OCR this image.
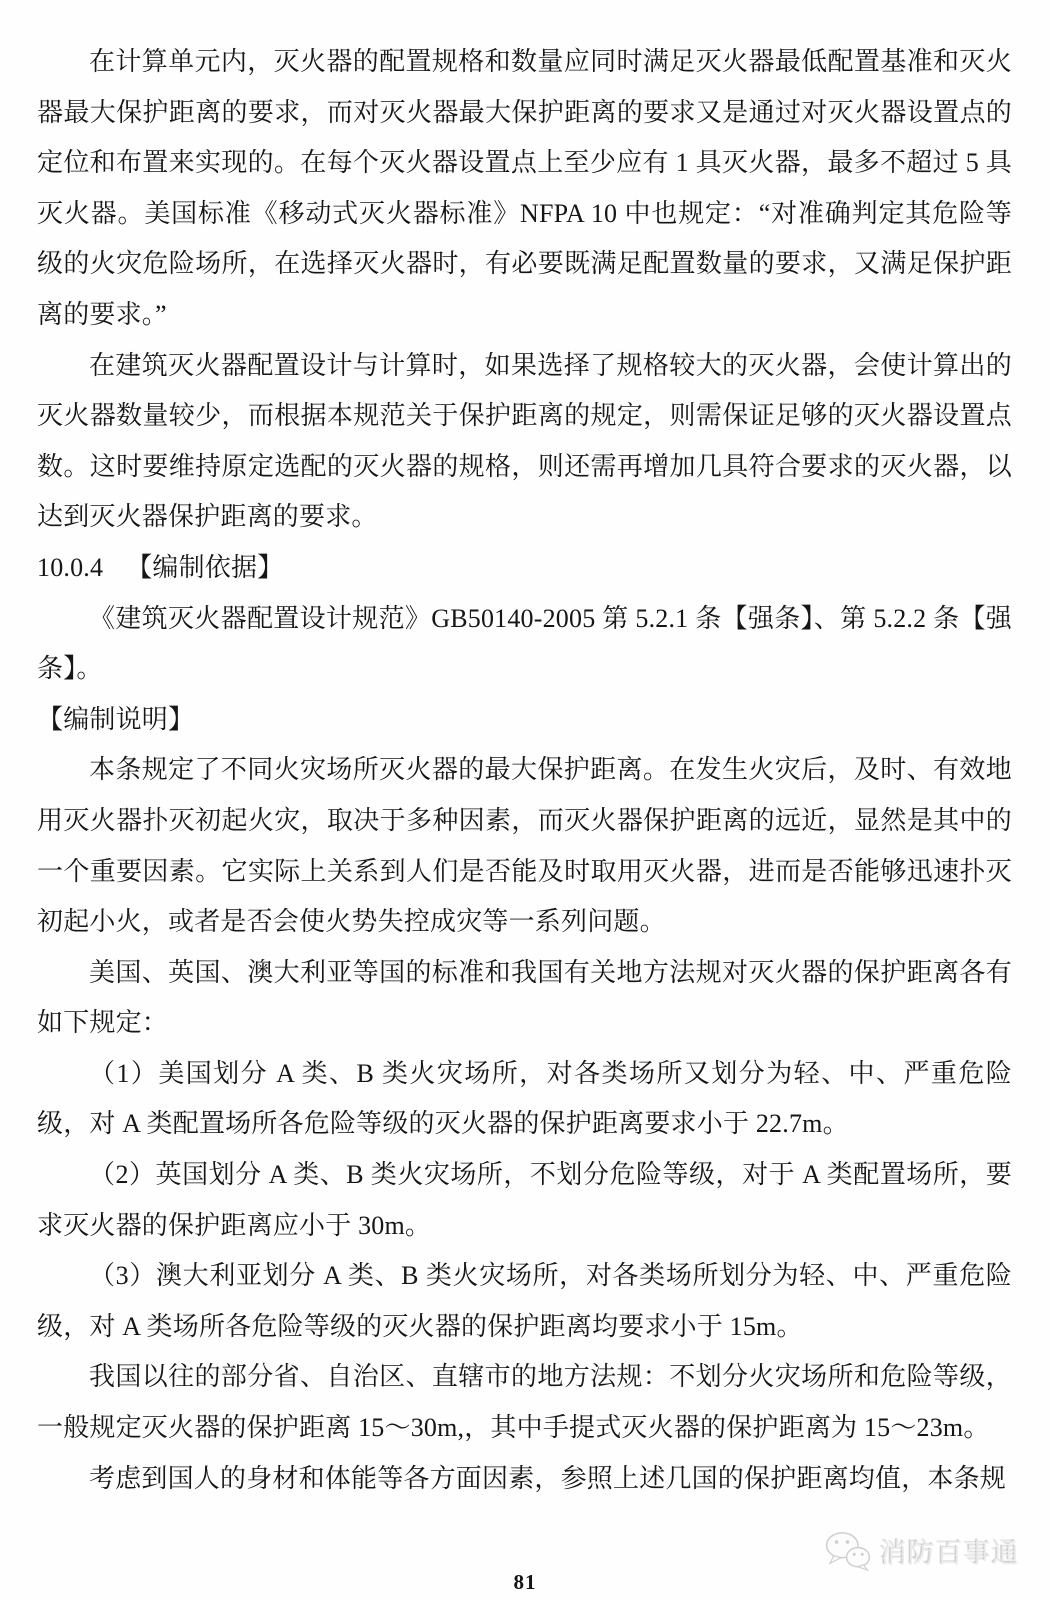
在计算单元内，灭火器的配置规格和数量应同时满足灭火器最低配置基准和灭火器最大保护距离的要求，而对灭火器最大保护距离的要求又是通过对灭火器设置点的定位和布置来实现的。在每个灭火器设置点上至少应有 1 具灭火器，最多不超过 5 具灭火器。美国标准《移动式灭火器标准》NFPA 10 中也规定：“对准确判定其危险等级的火灾危险场所，在选择灭火器时，有必要既满足配置数量的要求，又满足保护距离的要求。”

在建筑灭火器配置设计与计算时，如果选择了规格较大的灭火器，会使计算出的灭火器数量较少，而根据本规范关于保护距离的规定，则需保证足够的灭火器设置点数。这时要维持原定选配的灭火器的规格，则还需再增加几具符合要求的灭火器，以达到灭火器保护距离的要求。

10.0.4 【编制依据】

《建筑灭火器配置设计规范》GB50140-2005 第 5.2.1 条【强条】、第 5.2.2 条【强条】。

【编制说明】

本条规定了不同火灾场所灭火器的最大保护距离。在发生火灾后，及时、有效地用灭火器扑灭初起火灾，取决于多种因素，而灭火器保护距离的远近，显然是其中的一个重要因素。它实际上关系到人们是否能及时取用灭火器，进而是否能够迅速扑灭初起小火，或者是否会使火势失控成灾等一系列问题。

美国、英国、澳大利亚等国的标准和我国有关地方法规对灭火器的保护距离各有如下规定：

（1）美国划分 A 类、B 类火灾场所，对各类场所又划分为轻、中、严重危险级，对 A 类配置场所各危险等级的灭火器的保护距离要求小于 22.7m。

（2）英国划分 A 类、B 类火灾场所，不划分危险等级，对于 A 类配置场所，要求灭火器的保护距离应小于 30m。

（3）澳大利亚划分 A 类、B 类火灾场所，对各类场所划分为轻、中、严重危险级，对 A 类场所各危险等级的灭火器的保护距离均要求小于 15m。

我国以往的部分省、自治区、直辖市的地方法规：不划分火灾场所和危险等级，一般规定灭火器的保护距离 15～30m,，其中手提式灭火器的保护距离为 15～23m。

考虑到国人的身材和体能等各方面因素，参照上述几国的保护距离均值，本条规

消防百事通
81
